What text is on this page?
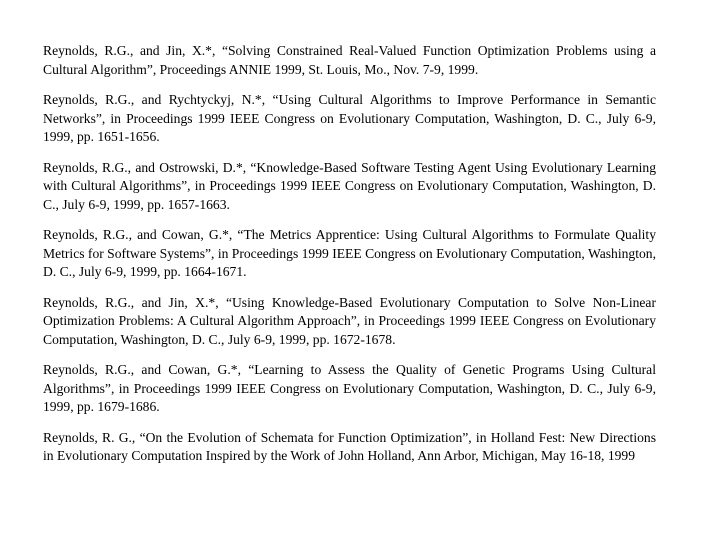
Reynolds, R.G., and Jin, X.*, “Solving Constrained Real-Valued Function Optimization Problems using a Cultural Algorithm”, Proceedings ANNIE 1999, St. Louis, Mo., Nov. 7-9, 1999.

Reynolds, R.G., and Rychtyckyj, N.*, “Using Cultural Algorithms to Improve Performance in Semantic Networks”, in Proceedings 1999 IEEE Congress on Evolutionary Computation, Washington, D. C., July 6-9, 1999, pp. 1651-1656.

Reynolds, R.G., and Ostrowski, D.*, “Knowledge-Based Software Testing Agent Using Evolutionary Learning with Cultural Algorithms”, in Proceedings 1999 IEEE Congress on Evolutionary Computation, Washington, D. C., July 6-9, 1999, pp. 1657-1663.

Reynolds, R.G., and Cowan, G.*, “The Metrics Apprentice: Using Cultural Algorithms to Formulate Quality Metrics for Software Systems”, in Proceedings 1999 IEEE Congress on Evolutionary Computation, Washington, D. C., July 6-9, 1999, pp. 1664-1671.

Reynolds, R.G., and Jin, X.*, “Using Knowledge-Based Evolutionary Computation to Solve Non-Linear Optimization Problems: A Cultural Algorithm Approach”, in Proceedings 1999 IEEE Congress on Evolutionary Computation, Washington, D. C., July 6-9, 1999, pp. 1672-1678.

Reynolds, R.G., and Cowan, G.*, “Learning to Assess the Quality of Genetic Programs Using Cultural Algorithms”, in Proceedings 1999 IEEE Congress on Evolutionary Computation, Washington, D. C., July 6-9, 1999, pp. 1679-1686.

Reynolds, R. G., “On the Evolution of Schemata for Function Optimization”, in Holland Fest: New Directions in Evolutionary Computation Inspired by the Work of John Holland, Ann Arbor, Michigan, May 16-18, 1999
